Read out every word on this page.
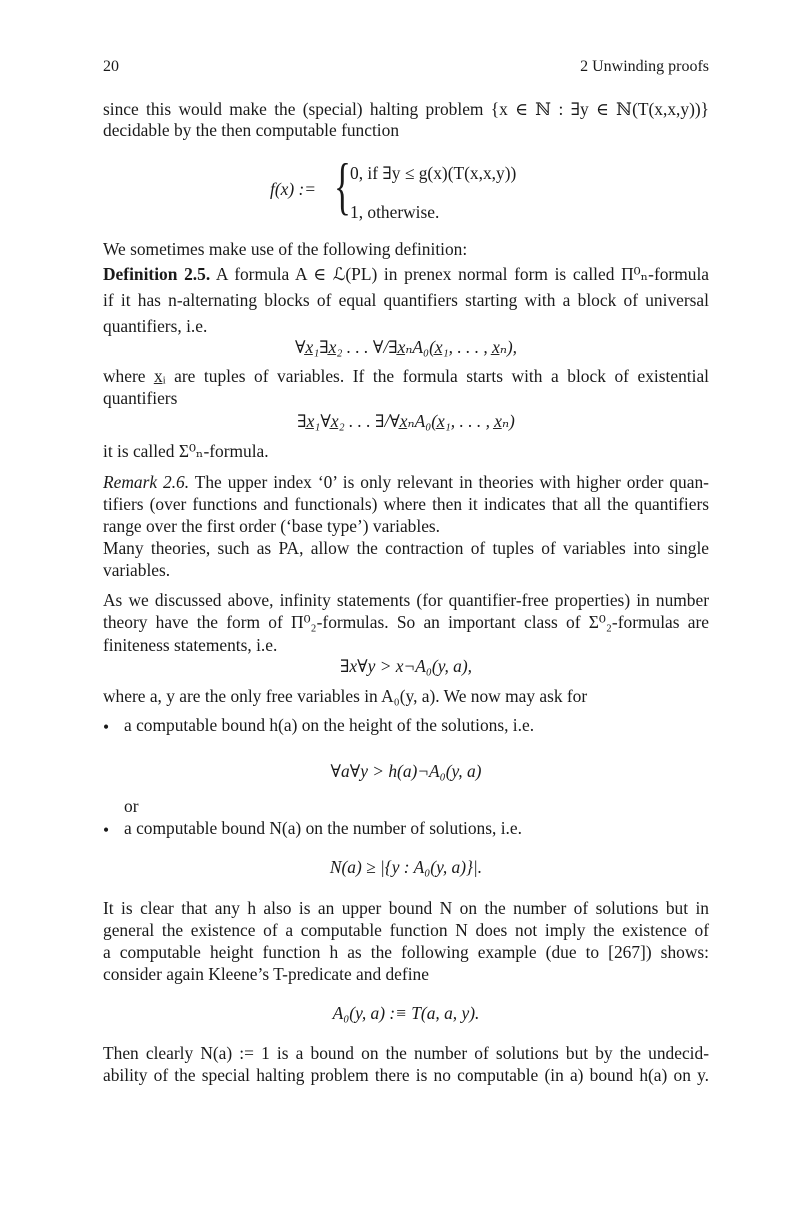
20	2 Unwinding proofs
since this would make the (special) halting problem {x ∈ ℕ : ∃y ∈ ℕ(T(x,x,y))}
decidable by the then computable function
f(x) := { 0, if ∃y ≤ g(x)(T(x,x,y))
1, otherwise.
We sometimes make use of the following definition:
Definition 2.5. A formula A ∈ ℒ(PL) in prenex normal form is called Π⁰ₙ-formula
if it has n-alternating blocks of equal quantifiers starting with a block of universal
quantifiers, i.e.
∀x̲₁∃x̲₂ . . . ∀/∃x̲ₙA₀(x̲₁, . . . , x̲ₙ),
where x̲ᵢ are tuples of variables. If the formula starts with a block of existential
quantifiers
∃x̲₁∀x̲₂ . . . ∃/∀x̲ₙA₀(x̲₁, . . . , x̲ₙ)
it is called Σ⁰ₙ-formula.
Remark 2.6. The upper index ‘0’ is only relevant in theories with higher order quan-
tifiers (over functions and functionals) where then it indicates that all the quantifiers
range over the first order (‘base type’) variables.
Many theories, such as PA, allow the contraction of tuples of variables into single
variables.
As we discussed above, infinity statements (for quantifier-free properties) in number
theory have the form of Π⁰₂-formulas. So an important class of Σ⁰₂-formulas are
finiteness statements, i.e.
∃x∀y > x¬A₀(y, a),
where a, y are the only free variables in A₀(y, a). We now may ask for
• a computable bound h(a) on the height of the solutions, i.e.
∀a∀y > h(a)¬A₀(y, a)
or
• a computable bound N(a) on the number of solutions, i.e.
N(a) ≥ |{y : A₀(y, a)}|.
It is clear that any h also is an upper bound N on the number of solutions but in
general the existence of a computable function N does not imply the existence of
a computable height function h as the following example (due to [267]) shows:
consider again Kleene’s T-predicate and define
A₀(y, a) :≡ T(a, a, y).
Then clearly N(a) := 1 is a bound on the number of solutions but by the undecid-
ability of the special halting problem there is no computable (in a) bound h(a) on y.
